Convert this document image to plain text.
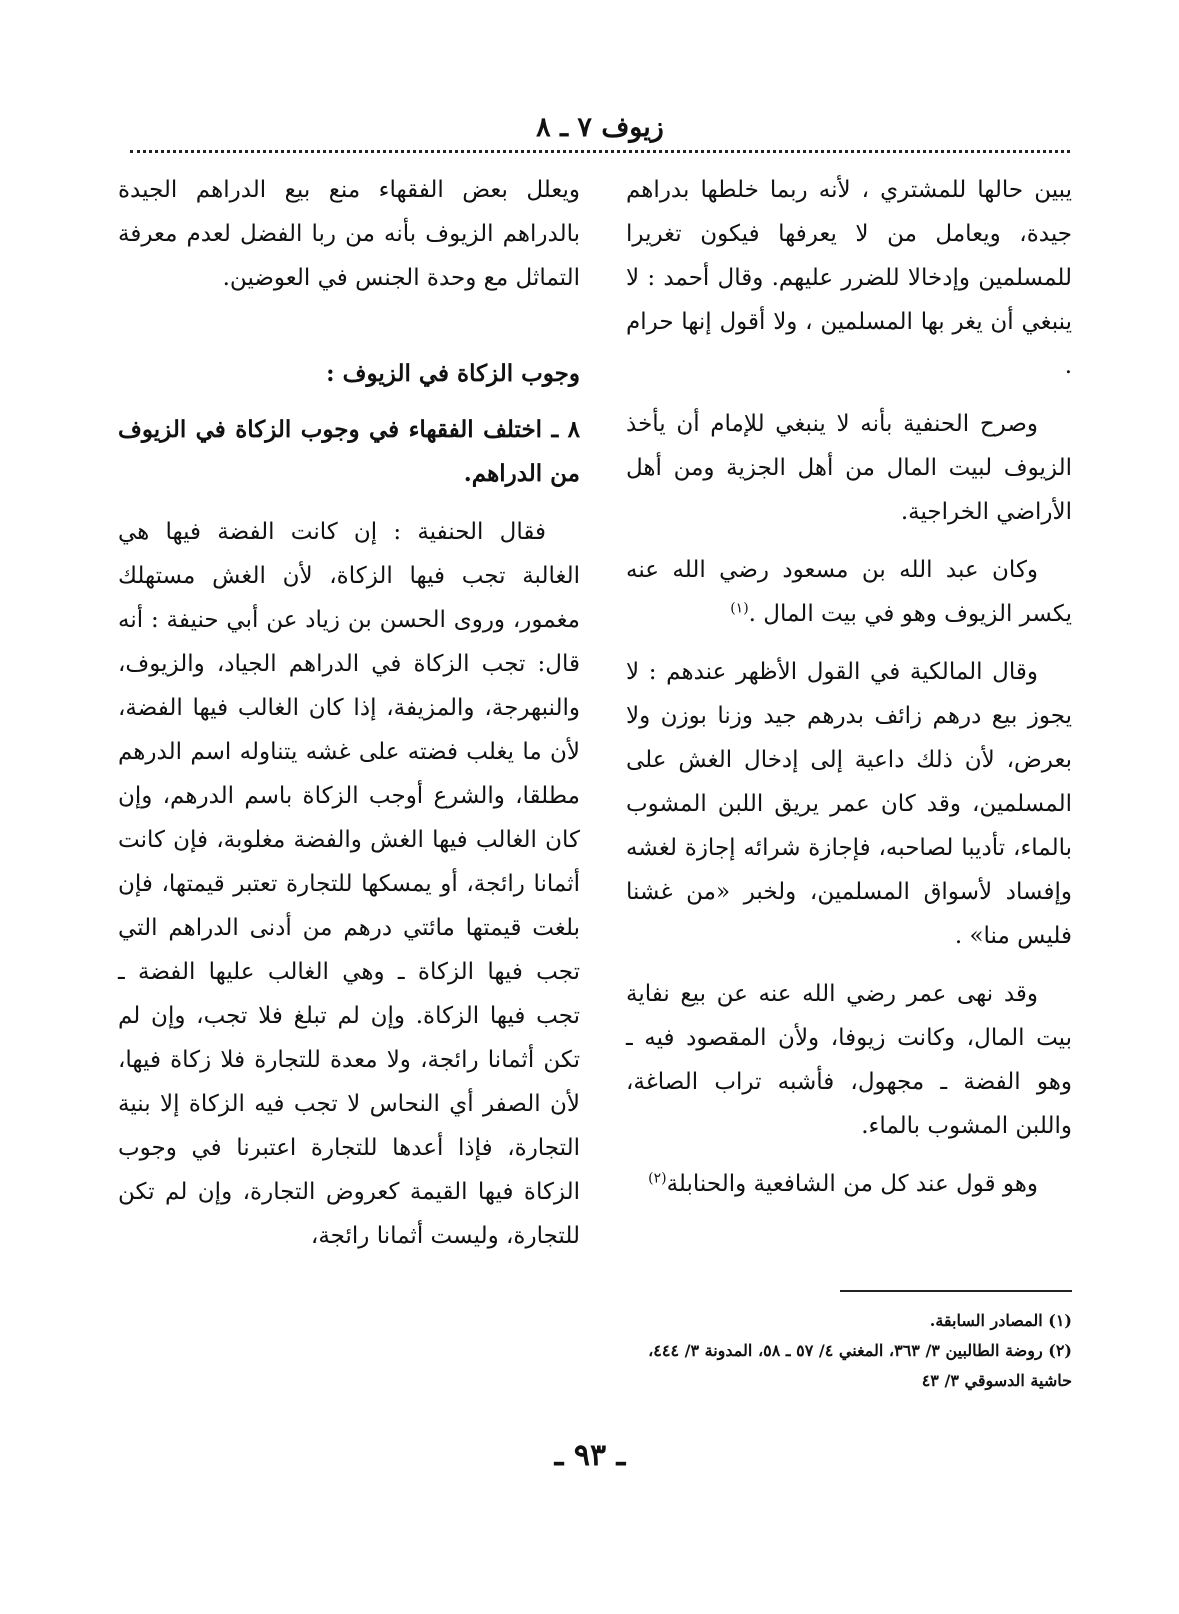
زيوف ٧ ـ ٨

يبين حالها للمشتري ، لأنه ربما خلطها بدراهم جيدة، ويعامل من لا يعرفها فيكون تغريرا للمسلمين وإدخالا للضرر عليهم. وقال أحمد : لا ينبغي أن يغر بها المسلمين ، ولا أقول إنها حرام .

وصرح الحنفية بأنه لا ينبغي للإمام أن يأخذ الزيوف لبيت المال من أهل الجزية ومن أهل الأراضي الخراجية.

وكان عبد الله بن مسعود رضي الله عنه يكسر الزيوف وهو في بيت المال .$^{(١)}$

وقال المالكية في القول الأظهر عندهم : لا يجوز بيع درهم زائف بدرهم جيد وزنا بوزن ولا بعرض، لأن ذلك داعية إلى إدخال الغش على المسلمين، وقد كان عمر يريق اللبن المشوب بالماء، تأديبا لصاحبه، فإجازة شرائه إجازة لغشه وإفساد لأسواق المسلمين، ولخبر «من غشنا فليس منا» .

وقد نهى عمر رضي الله عنه عن بيع نفاية بيت المال، وكانت زيوفا، ولأن المقصود فيه ـ وهو الفضة ـ مجهول، فأشبه تراب الصاغة، واللبن المشوب بالماء.

وهو قول عند كل من الشافعية والحنابلة$^{(٢)}$

ويعلل بعض الفقهاء منع بيع الدراهم الجيدة بالدراهم الزيوف بأنه من ربا الفضل لعدم معرفة التماثل مع وحدة الجنس في العوضين.

وجوب الزكاة في الزيوف :

٨ ـ اختلف الفقهاء في وجوب الزكاة في الزيوف من الدراهم.

فقال الحنفية : إن كانت الفضة فيها هي الغالبة تجب فيها الزكاة، لأن الغش مستهلك مغمور، وروى الحسن بن زياد عن أبي حنيفة : أنه قال: تجب الزكاة في الدراهم الجياد، والزيوف، والنبهرجة، والمزيفة، إذا كان الغالب فيها الفضة، لأن ما يغلب فضته على غشه يتناوله اسم الدرهم مطلقا، والشرع أوجب الزكاة باسم الدرهم، وإن كان الغالب فيها الغش والفضة مغلوبة، فإن كانت أثمانا رائجة، أو يمسكها للتجارة تعتبر قيمتها، فإن بلغت قيمتها مائتي درهم من أدنى الدراهم التي تجب فيها الزكاة ـ وهي الغالب عليها الفضة ـ تجب فيها الزكاة. وإن لم تبلغ فلا تجب، وإن لم تكن أثمانا رائجة، ولا معدة للتجارة فلا زكاة فيها، لأن الصفر أي النحاس لا تجب فيه الزكاة إلا بنية التجارة، فإذا أعدها للتجارة اعتبرنا في وجوب الزكاة فيها القيمة كعروض التجارة، وإن لم تكن للتجارة، وليست أثمانا رائجة،

(١) المصادر السابقة.

(٢) روضة الطالبين ٣/ ٣٦٣، المغني ٤/ ٥٧ ـ ٥٨، المدونة ٣/ ٤٤٤، حاشية الدسوقي ٣/ ٤٣

ـ ٩٣ ـ
